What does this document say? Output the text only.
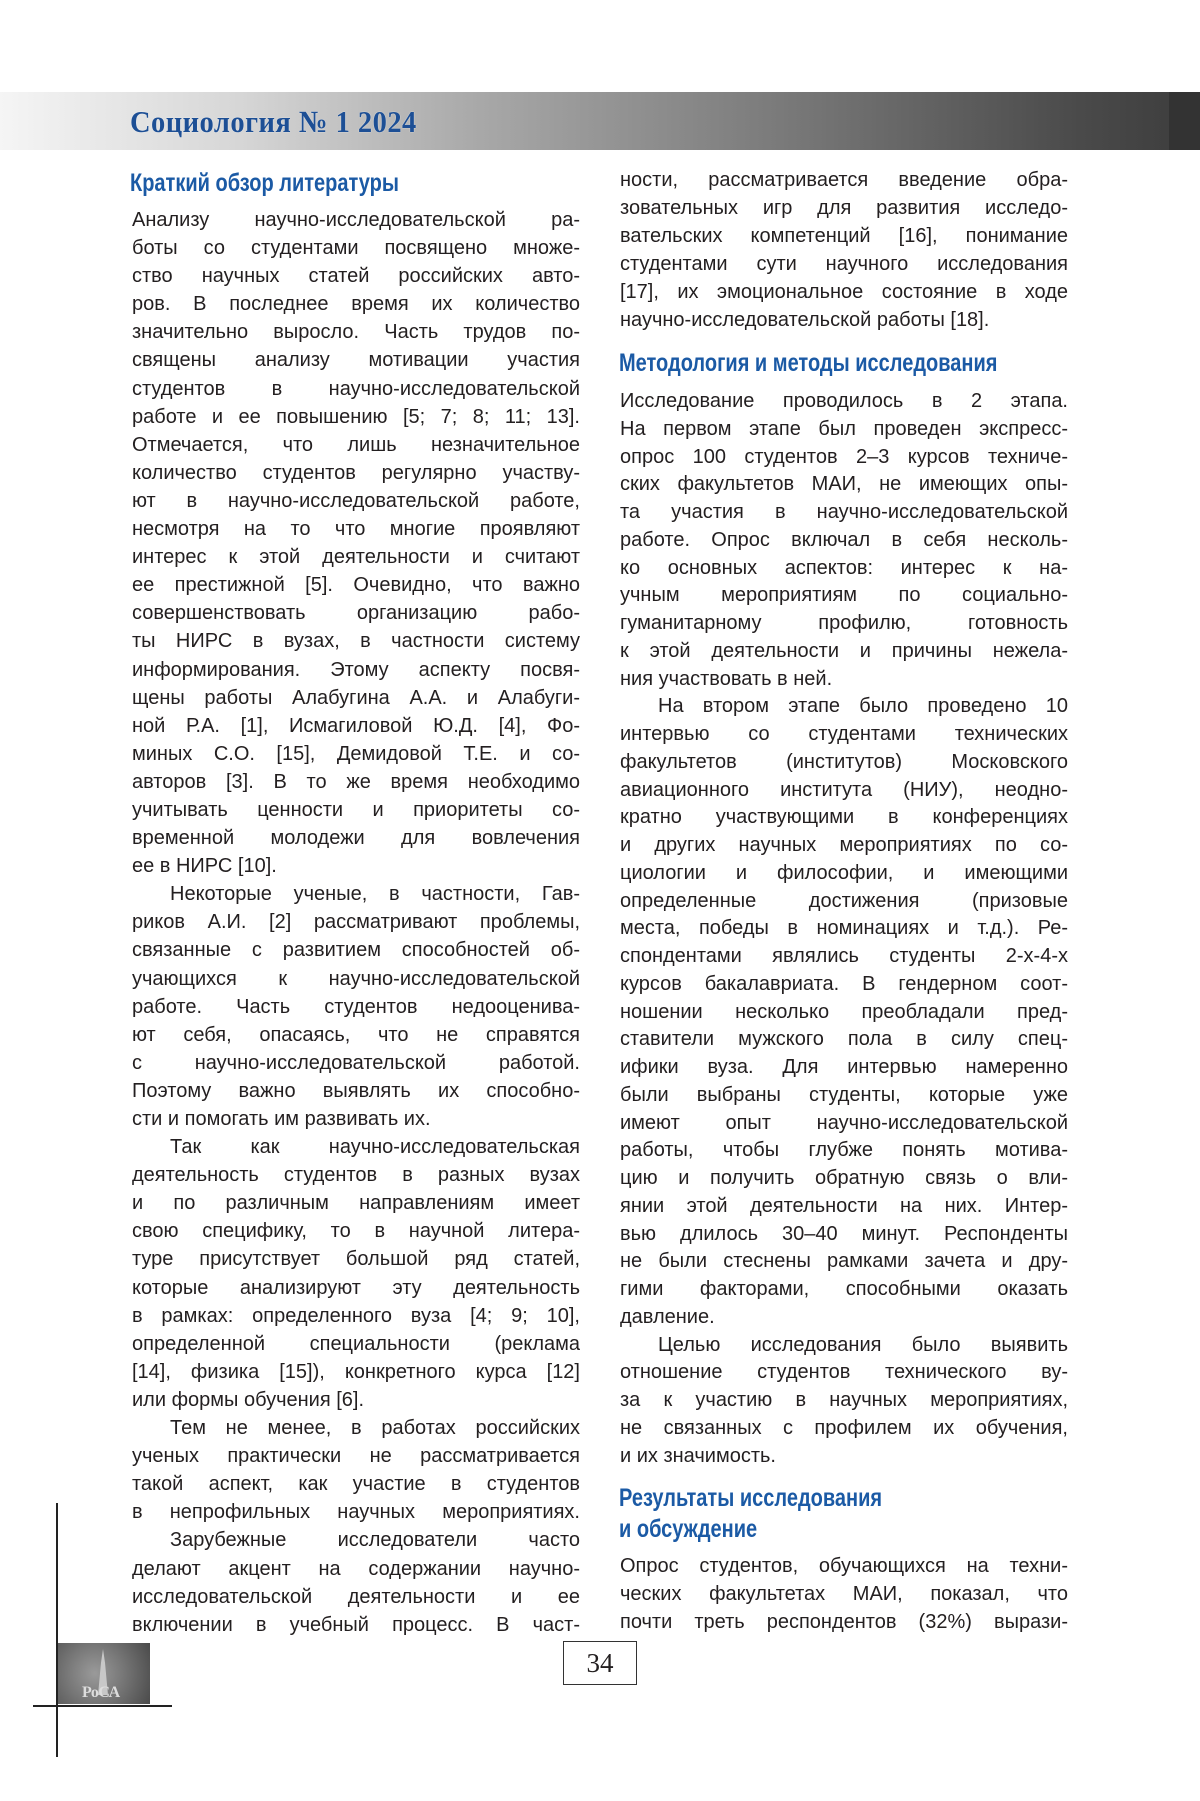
Социология № 1 2024
Краткий обзор литературы
Анализу научно-исследовательской ра-
боты со студентами посвящено множе-
ство научных статей российских авто-
ров. В последнее время их количество
значительно выросло. Часть трудов по-
священы анализу мотивации участия
студентов в научно-исследовательской
работе и ее повышению [5; 7; 8; 11; 13].
Отмечается, что лишь незначительное
количество студентов регулярно участву-
ют в научно-исследовательской работе,
несмотря на то что многие проявляют
интерес к этой деятельности и считают
ее престижной [5]. Очевидно, что важно
совершенствовать организацию рабо-
ты НИРС в вузах, в частности систему
информирования. Этому аспекту посвя-
щены работы Алабугина А.А. и Алабуги-
ной Р.А. [1], Исмагиловой Ю.Д. [4], Фо-
миных С.О. [15], Демидовой Т.Е. и со-
авторов [3]. В то же время необходимо
учитывать ценности и приоритеты со-
временной молодежи для вовлечения
ее в НИРС [10].
Некоторые ученые, в частности, Гав-
риков А.И. [2] рассматривают проблемы,
связанные с развитием способностей об-
учающихся к научно-исследовательской
работе. Часть студентов недооценива-
ют себя, опасаясь, что не справятся
с научно-исследовательской работой.
Поэтому важно выявлять их способно-
сти и помогать им развивать их.
Так как научно-исследовательская
деятельность студентов в разных вузах
и по различным направлениям имеет
свою специфику, то в научной литера-
туре присутствует большой ряд статей,
которые анализируют эту деятельность
в рамках: определенного вуза [4; 9; 10],
определенной специальности (реклама
[14], физика [15]), конкретного курса [12]
или формы обучения [6].
Тем не менее, в работах российских
ученых практически не рассматривается
такой аспект, как участие в студентов
в непрофильных научных мероприятиях.
Зарубежные исследователи часто
делают акцент на содержании научно-
исследовательской деятельности и ее
включении в учебный процесс. В част-
ности, рассматривается введение обра-
зовательных игр для развития исследо-
вательских компетенций [16], понимание
студентами сути научного исследования
[17], их эмоциональное состояние в ходе
научно-исследовательской работы [18].
Методология и методы исследования
Исследование проводилось в 2 этапа.
На первом этапе был проведен экспресс-
опрос 100 студентов 2–3 курсов техниче-
ских факультетов МАИ, не имеющих опы-
та участия в научно-исследовательской
работе. Опрос включал в себя несколь-
ко основных аспектов: интерес к на-
учным мероприятиям по социально-
гуманитарному профилю, готовность
к этой деятельности и причины нежела-
ния участвовать в ней.
На втором этапе было проведено 10
интервью со студентами технических
факультетов (институтов) Московского
авиационного института (НИУ), неодно-
кратно участвующими в конференциях
и других научных мероприятиях по со-
циологии и философии, и имеющими
определенные достижения (призовые
места, победы в номинациях и т.д.). Ре-
спондентами являлись студенты 2-х-4-х
курсов бакалавриата. В гендерном соот-
ношении несколько преобладали пред-
ставители мужского пола в силу спец-
ифики вуза. Для интервью намеренно
были выбраны студенты, которые уже
имеют опыт научно-исследовательской
работы, чтобы глубже понять мотива-
цию и получить обратную связь о вли-
янии этой деятельности на них. Интер-
вью длилось 30–40 минут. Респонденты
не были стеснены рамками зачета и дру-
гими факторами, способными оказать
давление.
Целью исследования было выявить
отношение студентов технического ву-
за к участию в научных мероприятиях,
не связанных с профилем их обучения,
и их значимость.
Результаты исследования
и обсуждение
Опрос студентов, обучающихся на техни-
ческих факультетах МАИ, показал, что
почти треть респондентов (32%) вырази-
РоСА
34
